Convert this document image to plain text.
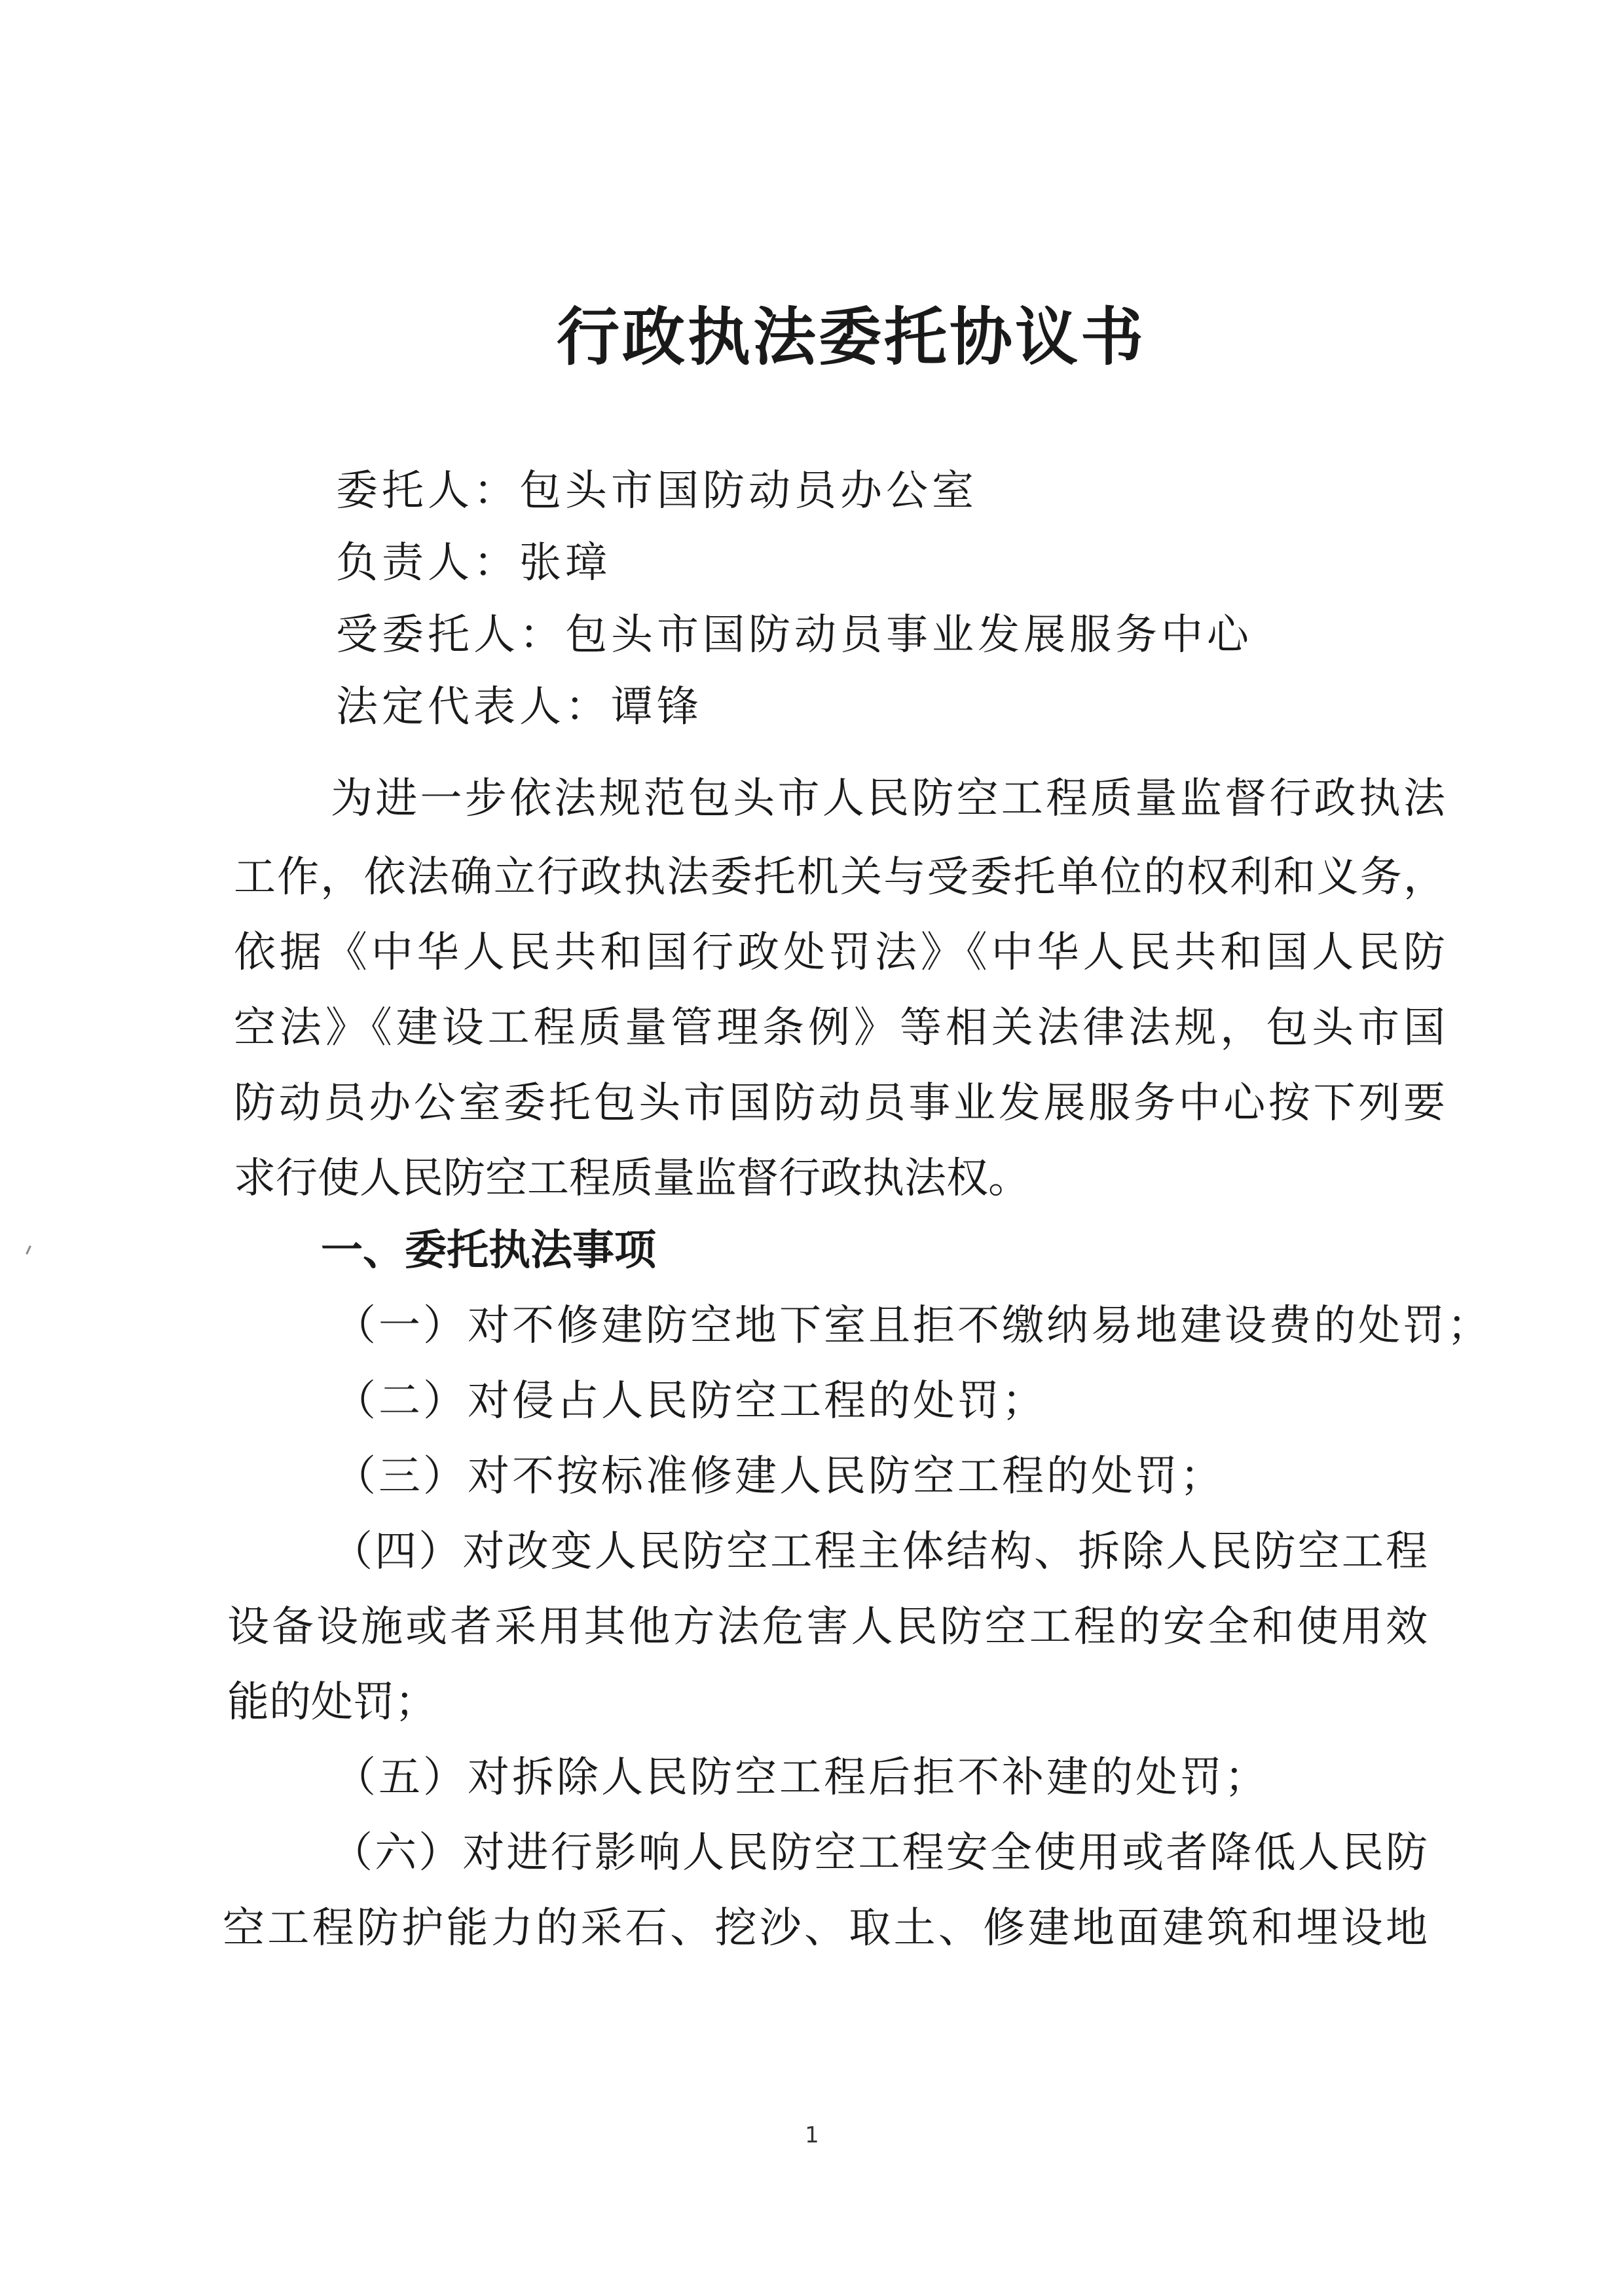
行政执法委托协议书
委托人：包头市国防动员办公室
负责人：张璋
受委托人：包头市国防动员事业发展服务中心
法定代表人：谭锋
为进一步依法规范包头市人民防空工程质量监督行政执法
工作，依法确立行政执法委托机关与受委托单位的权利和义务，
依据《中华人民共和国行政处罚法》《中华人民共和国人民防
空法》《建设工程质量管理条例》等相关法律法规，包头市国
防动员办公室委托包头市国防动员事业发展服务中心按下列要
求行使人民防空工程质量监督行政执法权。
一、委托执法事项
（一）对不修建防空地下室且拒不缴纳易地建设费的处罚；
（二）对侵占人民防空工程的处罚；
（三）对不按标准修建人民防空工程的处罚；
（四）对改变人民防空工程主体结构、拆除人民防空工程
设备设施或者采用其他方法危害人民防空工程的安全和使用效
能的处罚；
（五）对拆除人民防空工程后拒不补建的处罚；
（六）对进行影响人民防空工程安全使用或者降低人民防
空工程防护能力的采石、挖沙、取土、修建地面建筑和埋设地
1
